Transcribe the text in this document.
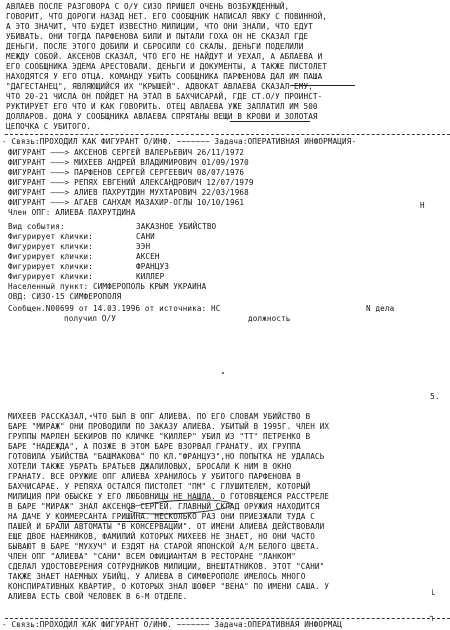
АВЛАЕВ ПОСЛЕ РАЗГОВОРА С О/У СИЗО ПРИШЕЛ ОЧЕНЬ ВОЗБУЖДЕННЫЙ,
ГОВОРИТ, ЧТО ДОРОГИ НАЗАД НЕТ. ЕГО СООБЩНИК НАПИСАЛ ЯВКУ С ПОВИННОЙ,
А ЭТО ЗНАЧИТ, ЧТО БУДЕТ ИЗВЕСТНО МИЛИЦИИ, ЧТО ОНИ ЗНАЛИ, ЧТО ЕДУТ
УБИВАТЬ. ОНИ ТОГДА ПАРФЕНОВА БИЛИ И ПЫТАЛИ ГОХА ОН НЕ СКАЗАЛ ГДЕ
ДЕНЬГИ. ПОСЛЕ ЭТОГО ДОБИЛИ И СБРОСИЛИ СО СКАЛЫ. ДЕНЬГИ ПОДЕЛИЛИ
МЕЖДУ СОБОЙ. АКСЕНОВ СКАЗАЛ, ЧТО ЕГО НЕ НАЙДУТ И УЕХАЛ, А АБЛАЕВА И
ЕГО СООБЩНИКА ЭДЕМА АРЕСТОВАЛИ. ДЕНЬГИ И ДОКУМЕНТЫ, А ТАКЖЕ ПИСТОЛЕТ
НАХОДЯТСЯ У ЕГО ОТЦА. КОМАНДУ УБИТЬ СООБЩНИКА ПАРФЕНОВА ДАЛ ИМ ПАША
"ДАГЕСТАНЕЦ", ЯВЛЯЮЩИЙСЯ ИХ "КРЫШЕЙ". АДВОКАТ АВЛАЕВА СКАЗАЛ ЕМУ,
ЧТО 20-21 ЧИСЛА ОН ПОЙДЕТ НА ЭТАП В БАХЧИСАРАЙ, ГДЕ СТ.О/У ПРОИНСТ-
РУКТИРУЕТ ЕГО ЧТО И КАК ГОВОРИТЬ. ОТЕЦ АВЛАЕВА УЖЕ ЗАПЛАТИЛ ИМ 500
ДОЛЛАРОВ. ДОМА У СООБЩНИКА АВЛАЕВА СПРЯТАНЫ ВЕЩИ В КРОВИ И ЗОЛОТАЯ
ЦЕПОЧКА С УБИТОГО.
- Связь:ПРОХОДИЛ КАК ФИГУРАНТ О/ИНФ. ~~~~~~~ Задача:ОПЕРАТИВНАЯ ИНФОРМАЦИЯ-
ФИГУРАНТ ———> АКСЕНОВ СЕРГЕЙ ВАЛЕРЬЕВИЧ 26/11/1972
ФИГУРАНТ ———> МИХЕЕВ АНДРЕЙ ВЛАДИМИРОВИЧ 01/09/1970
ФИГУРАНТ ———> ПАРФЕНОВ СЕРГЕЙ СЕРГЕЕВИЧ 08/07/1976
ФИГУРАНТ ———> РЕПЯХ ЕВГЕНИЙ АЛЕКСАНДРОВИЧ 12/07/1979
ФИГУРАНТ ———> АЛИЕВ ПАХРУТДИН МУХТАРОВИЧ 22/03/1968
ФИГУРАНТ ———> АГАЕВ САНХАМ МАЗАХИР-ОГЛЫ 10/10/1961	Н
Член ОПГ: АЛИЕВА ПАХРУТДИНА
Вид события:	ЗАКАЗНОЕ УБИЙСТВО
Фигурирует клички:	САНИ
Фигурирует клички:	ЭЭН
Фигурирует клички:	АКСЕН
Фигурирует клички:	ФРАНЦУЗ
Фигурирует клички:	КИЛЛЕР
Населенный пункт: СИМФЕРОПОЛЬ КРЫМ УКРАИНА
ОВД: СИЗО-15 СИМФЕРОПОЛЯ
Сообщен.N00699 от 14.03.1996 от источника: НС	N дела
получил О/У	должность
5.
МИХЕЕВ РАССКАЗАЛ, ЧТО БЫЛ В ОПГ АЛИЕВА. ПО ЕГО СЛОВАМ УБИЙСТВО В
БАРЕ "МИРАЖ" ОНИ ПРОВОДИЛИ ПО ЗАКАЗУ АЛИЕВА. УБИТЫЙ В 1995Г. ЧЛЕН ИХ
ГРУППЫ МАРЛЕН БЕКИРОВ ПО КЛИЧКЕ "КИЛЛЕР" УБИЛ ИЗ "ТТ" ПЕТРЕНКО В
БАРЕ "НАДЕЖДА", А ПОЗЖЕ В ЭТОМ БАРЕ ВЗОРВАЛ ГРАНАТУ. ИХ ГРУППА
ГОТОВИЛА УБИЙСТВА "БАШМАКОВА" ПО КЛ."ФРАНЦУЗ",НО ПОПЫТКА НЕ УДАЛАСЬ
ХОТЕЛИ ТАКЖЕ УБРАТЬ БРАТЬЕВ ДЖАЛИЛОВЫХ, БРОСАЛИ К НИМ В ОКНО
ГРАНАТУ. ВСЕ ОРУЖИЕ ОПГ АЛИЕВА ХРАНИЛОСЬ У УБИТОГО ПАРФЕНОВА В
БАХЧИСАРАЕ. У РЕПЯХА ОСТАЛСЯ ПИСТОЛЕТ "ПМ" С ГЛУШИТЕЛЕМ, КОТОРЫЙ
МИЛИЦИЯ ПРИ ОБЫСКЕ У ЕГО ЛЮБОВНИЦЫ НЕ НАШЛА. О ГОТОВЯЩЕМСЯ РАССТРЕЛЕ
В БАРЕ "МИРАЖ" ЗНАЛ АКСЕНОВ СЕРГЕЙ. ГЛАВНЫЙ СКЛАД ОРУЖИЯ НАХОДИТСЯ
НА ДАЧЕ У КОММЕРСАНТА ГРИШИНА. НЕСКОЛЬКО РАЗ ОНИ ПРИЕЗЖАЛИ ТУДА С
ПАШЕЙ И БРАЛИ АВТОМАТЫ "В КОНСЕРВАЦИИ". ОТ ИМЕНИ АЛИЕВА ДЕЙСТВОВАЛИ
ЕЩЕ ДВОЕ НАЕМНИКОВ, ФАМИЛИЙ КОТОРЫХ МИХЕЕВ НЕ ЗНАЕТ, НО ОНИ ЧАСТО
БЫВАЮТ В БАРЕ "МУХУЧ" И ЕЗДЯТ НА СТАРОЙ ЯПОНСКОЙ А/М БЕЛОГО ЦВЕТА.
ЧЛЕН ОПГ "АЛИЕВА" "САНИ" ВСЕМ ОФИЦИАНТАМ В РЕСТОРАНЕ "ЛАНКОМ"
СДЕЛАЛ УДОСТОВЕРЕНИЯ СОТРУДНИКОВ МИЛИЦИИ, ВНЕШТАТНИКОВ. ЭТОТ "САНИ"
ТАКЖЕ ЗНАЕТ НАЕМНЫХ УБИЙЦ. У АЛИЕВА В СИМФЕРОПОЛЕ ИМЕЛОСЬ МНОГО
КОНСПИРАТИВНЫХ КВАРТИР, О КОТОРЫХ ЗНАЛ ШОФЕР "ВЕНА" ПО ИМЕНИ САША. У
АЛИЕВА ЕСТЬ СВОЙ ЧЕЛОВЕК В 6-М ОТДЕЛЕ.	└
┐
- Связь:ПРОХОДИЛ КАК ФИГУРАНТ О/ИНФ. ~~~~~~~ Задача:ОПЕРАТИВНАЯ ИНФОРМАЦ
